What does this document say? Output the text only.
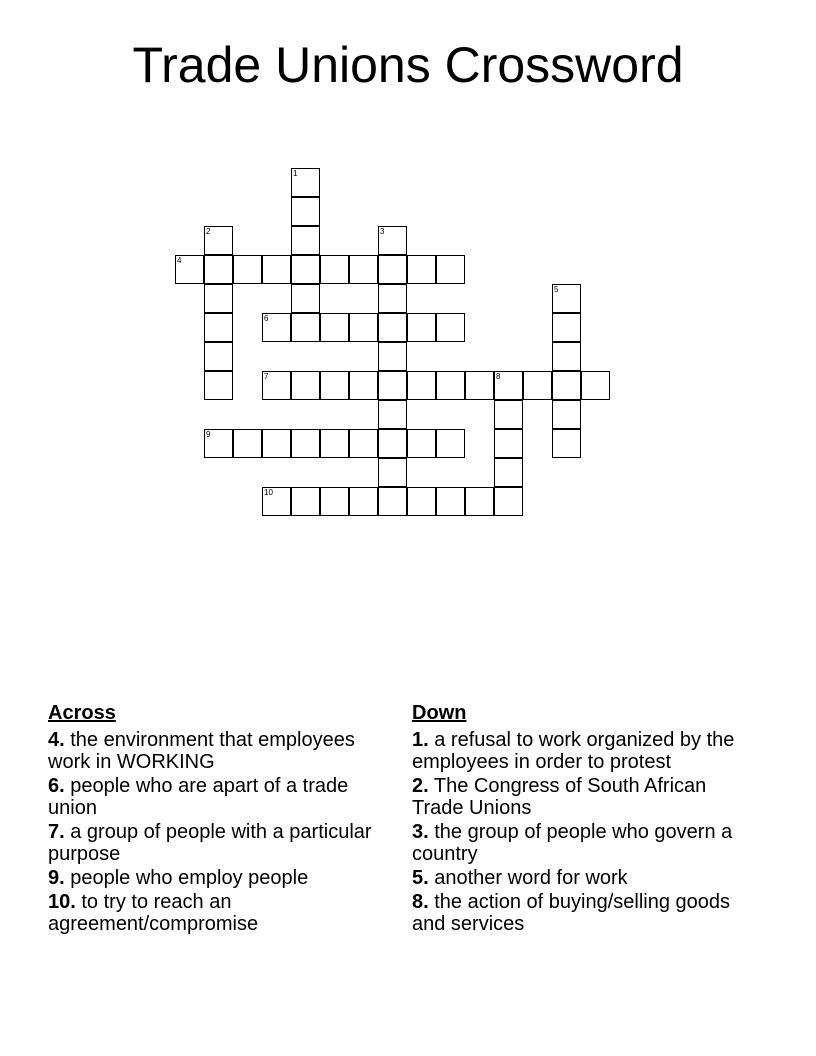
Trade Unions Crossword
1
2	3
4
5
6
7	8
9
10
Across
4. the environment that employees work in WORKING
6. people who are apart of a trade union
7. a group of people with a particular purpose
9. people who employ people
10. to try to reach an agreement/compromise
Down
1. a refusal to work organized by the employees in order to protest
2. The Congress of South African Trade Unions
3. the group of people who govern a country
5. another word for work
8. the action of buying/selling goods and services
